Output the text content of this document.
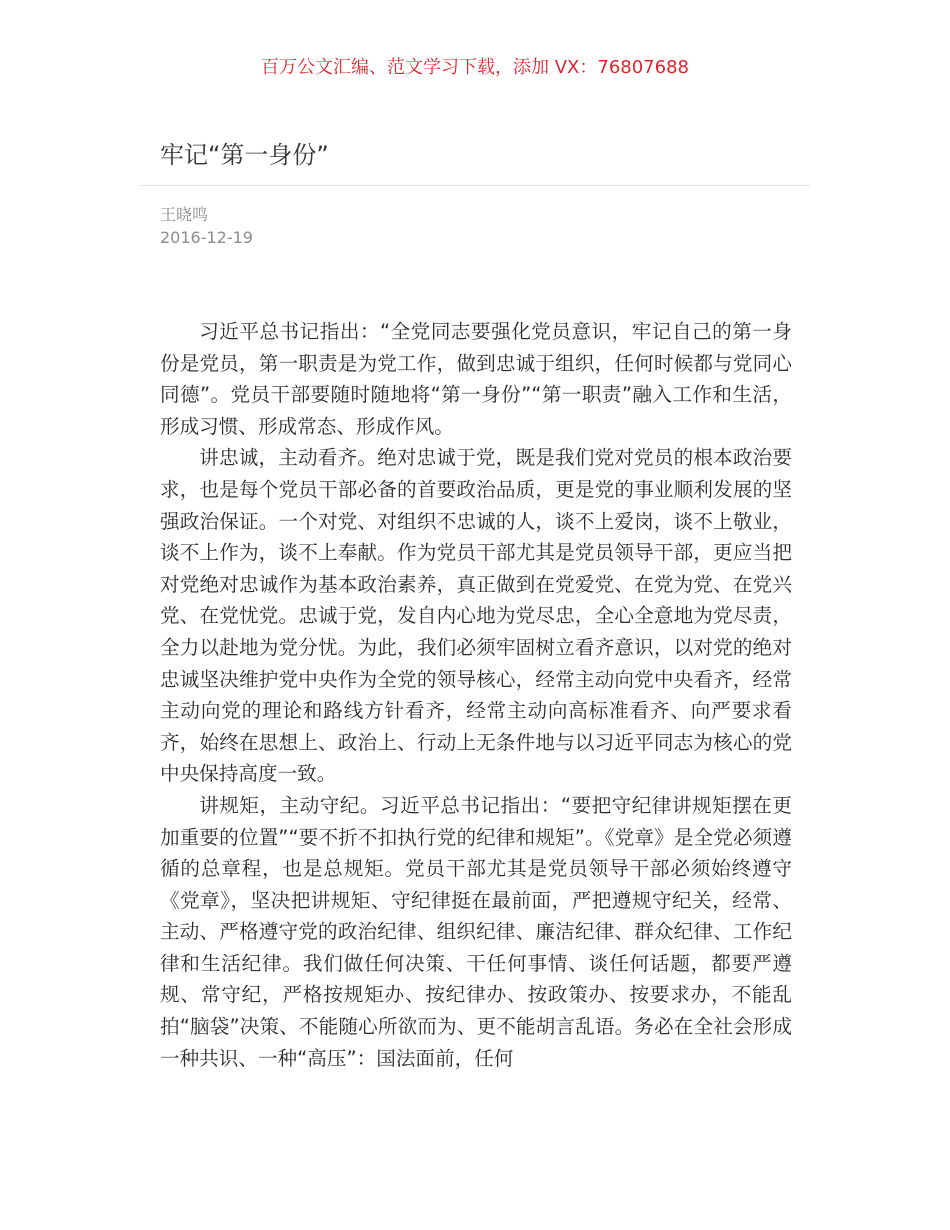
百万公文汇编、范文学习下载，添加 VX：76807688
牢记“第一身份”
王晓鸣
2016-12-19

习近平总书记指出：“全党同志要强化党员意识，牢记自己的第一身份是党员，第一职责是为党工作，做到忠诚于组织，任何时候都与党同心同德”。党员干部要随时随地将“第一身份”“第一职责”融入工作和生活，形成习惯、形成常态、形成作风。

讲忠诚，主动看齐。绝对忠诚于党，既是我们党对党员的根本政治要求，也是每个党员干部必备的首要政治品质，更是党的事业顺利发展的坚强政治保证。一个对党、对组织不忠诚的人，谈不上爱岗，谈不上敬业，谈不上作为，谈不上奉献。作为党员干部尤其是党员领导干部，更应当把对党绝对忠诚作为基本政治素养，真正做到在党爱党、在党为党、在党兴党、在党忧党。忠诚于党，发自内心地为党尽忠，全心全意地为党尽责，全力以赴地为党分忧。为此，我们必须牢固树立看齐意识，以对党的绝对忠诚坚决维护党中央作为全党的领导核心，经常主动向党中央看齐，经常主动向党的理论和路线方针看齐，经常主动向高标准看齐、向严要求看齐，始终在思想上、政治上、行动上无条件地与以习近平同志为核心的党中央保持高度一致。

讲规矩，主动守纪。习近平总书记指出：“要把守纪律讲规矩摆在更加重要的位置”“要不折不扣执行党的纪律和规矩”。《党章》是全党必须遵循的总章程，也是总规矩。党员干部尤其是党员领导干部必须始终遵守《党章》，坚决把讲规矩、守纪律挺在最前面，严把遵规守纪关，经常、主动、严格遵守党的政治纪律、组织纪律、廉洁纪律、群众纪律、工作纪律和生活纪律。我们做任何决策、干任何事情、谈任何话题，都要严遵规、常守纪，严格按规矩办、按纪律办、按政策办、按要求办，不能乱拍“脑袋”决策、不能随心所欲而为、更不能胡言乱语。务必在全社会形成一种共识、一种“高压”：国法面前，任何
